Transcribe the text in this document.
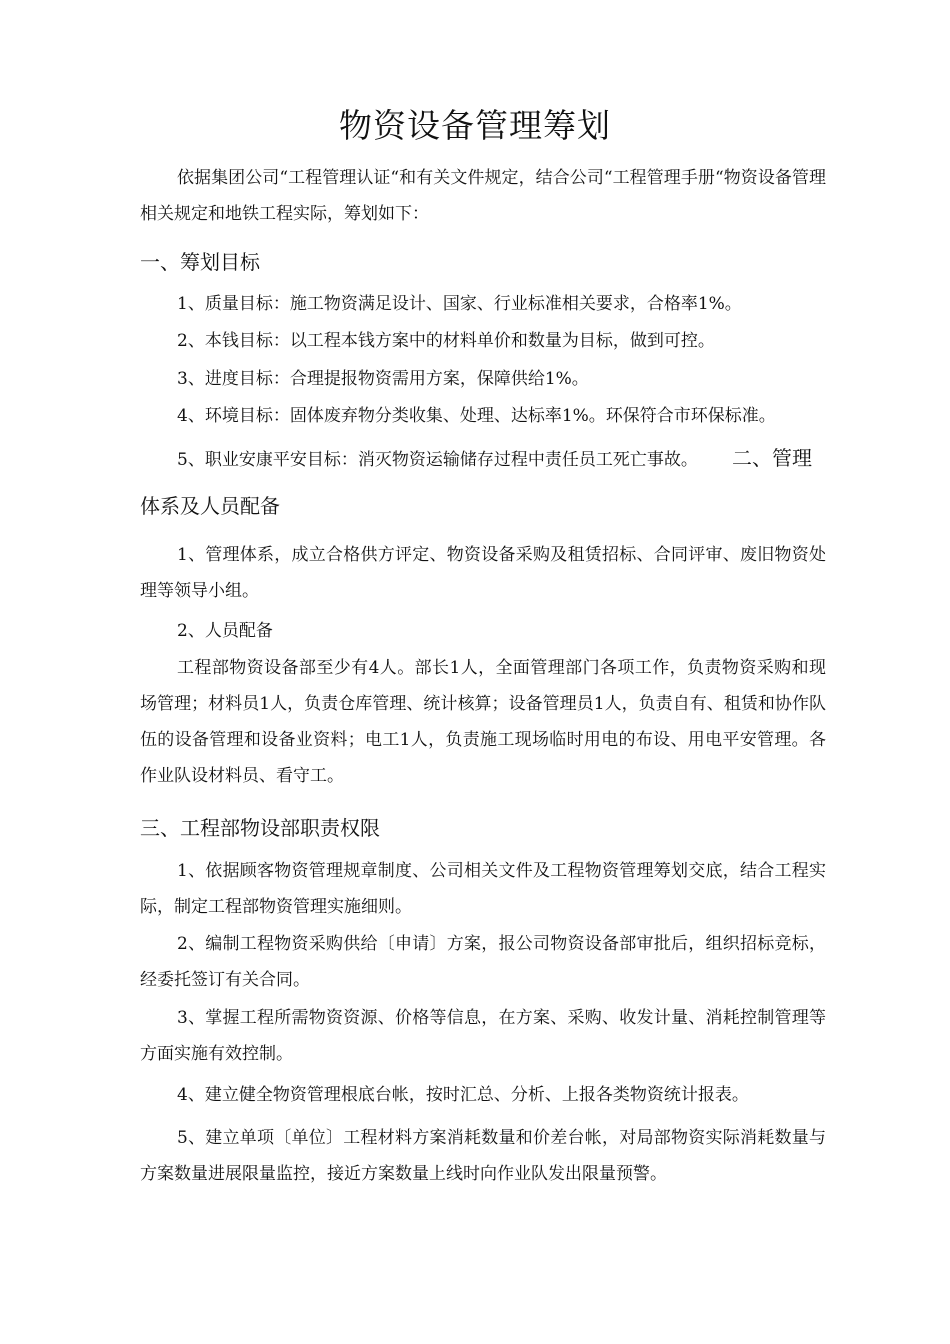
物资设备管理筹划
依据集团公司“工程管理认证“和有关文件规定，结合公司“工程管理手册“物资设备管理相关规定和地铁工程实际，筹划如下：
一、筹划目标
1、质量目标：施工物资满足设计、国家、行业标准相关要求，合格率1%。
2、本钱目标：以工程本钱方案中的材料单价和数量为目标，做到可控。
3、进度目标：合理提报物资需用方案，保障供给1%。
4、环境目标：固体废弃物分类收集、处理、达标率1%。环保符合市环保标准。
5、职业安康平安目标：消灭物资运输储存过程中责任员工死亡事故。 二、管理
体系及人员配备
1、管理体系，成立合格供方评定、物资设备采购及租赁招标、合同评审、废旧物资处理等领导小组。
2、人员配备
工程部物资设备部至少有4人。部长1人，全面管理部门各项工作，负责物资采购和现场管理；材料员1人，负责仓库管理、统计核算；设备管理员1人，负责自有、租赁和协作队伍的设备管理和设备业资料；电工1人，负责施工现场临时用电的布设、用电平安管理。各作业队设材料员、看守工。
三、工程部物设部职责权限
1、依据顾客物资管理规章制度、公司相关文件及工程物资管理筹划交底，结合工程实际，制定工程部物资管理实施细则。
2、编制工程物资采购供给〔申请〕方案，报公司物资设备部审批后，组织招标竞标，经委托签订有关合同。
3、掌握工程所需物资资源、价格等信息，在方案、采购、收发计量、消耗控制管理等方面实施有效控制。
4、建立健全物资管理根底台帐，按时汇总、分析、上报各类物资统计报表。
5、建立单项〔单位〕工程材料方案消耗数量和价差台帐，对局部物资实际消耗数量与方案数量进展限量监控，接近方案数量上线时向作业队发出限量预警。
